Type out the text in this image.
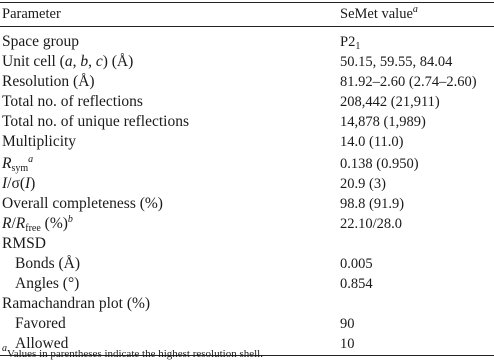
Parameter	SeMet value$^a$
Space group	$P2_1$
Unit cell (a, b, c) (Å)	50.15, 59.55, 84.04
Resolution (Å)	81.92–2.60 (2.74–2.60)
Total no. of reflections	208,442 (21,911)
Total no. of unique reflections	14,878 (1,989)
Multiplicity	14.0 (11.0)
$R_{sym}^a$	0.138 (0.950)
I/σ(I)	20.9 (3)
Overall completeness (%)	98.8 (91.9)
$R/R_{free}$ (%)$^b$	22.10/28.0
RMSD
Bonds (Å)	0.005
Angles (°)	0.854
Ramachandran plot (%)
Favored	90
Allowed	10
$^a$Values in parentheses indicate the highest resolution shell.
